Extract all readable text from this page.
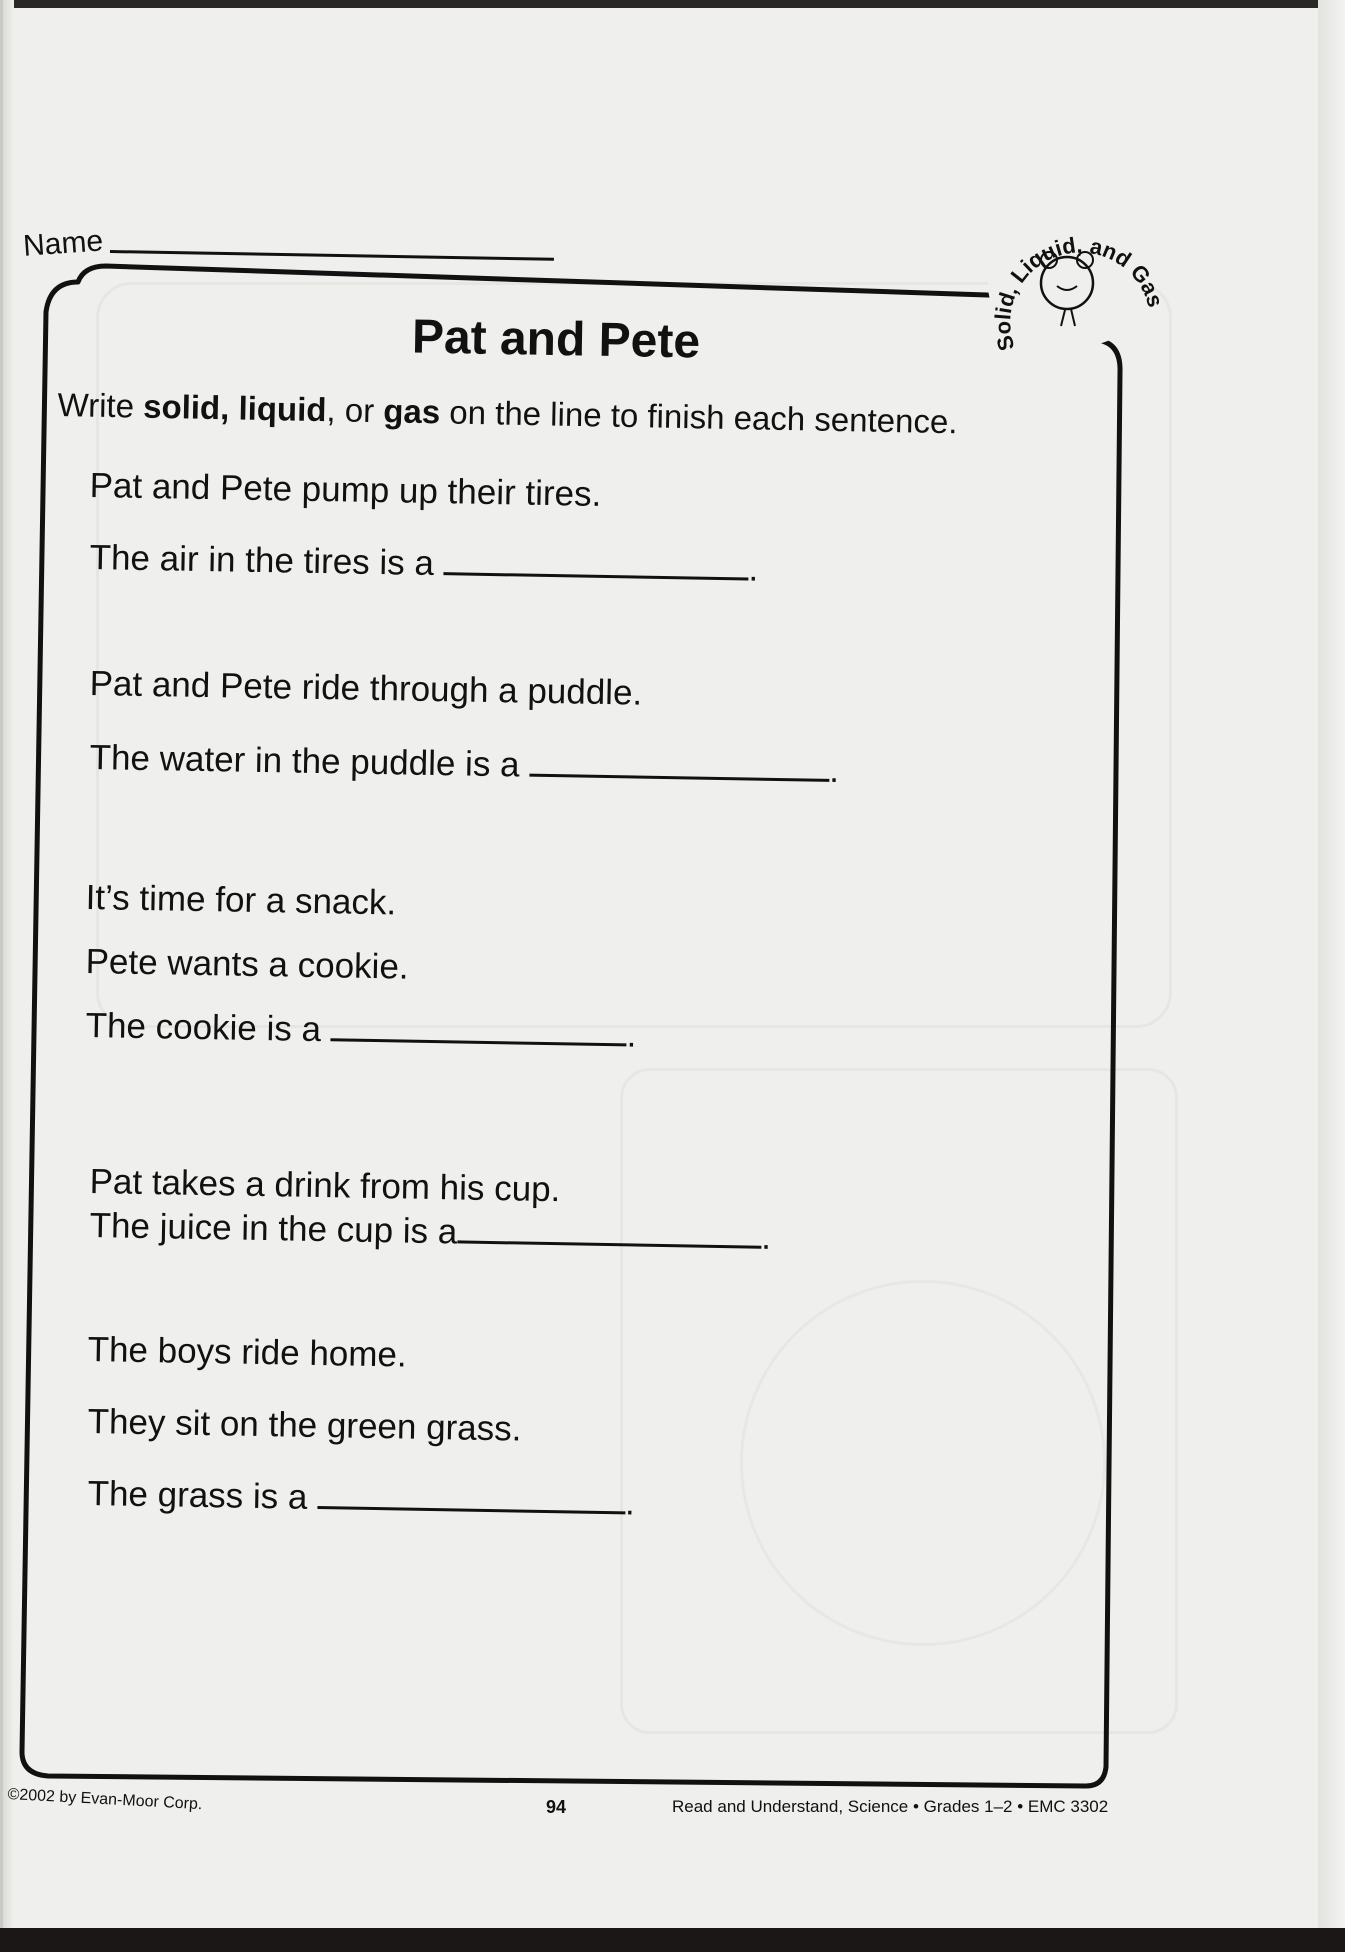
Name
Solid, Liquid, and Gas
Pat and Pete
Write solid, liquid, or gas on the line to finish each sentence.
Pat and Pete pump up their tires.
The air in the tires is a	.
Pat and Pete ride through a puddle.
The water in the puddle is a	.
It’s time for a snack.
Pete wants a cookie.
The cookie is a	.
Pat takes a drink from his cup.
The juice in the cup is a	.
The boys ride home.
They sit on the green grass.
The grass is a	.
©2002 by Evan-Moor Corp.	94	Read and Understand, Science • Grades 1–2 • EMC 3302
